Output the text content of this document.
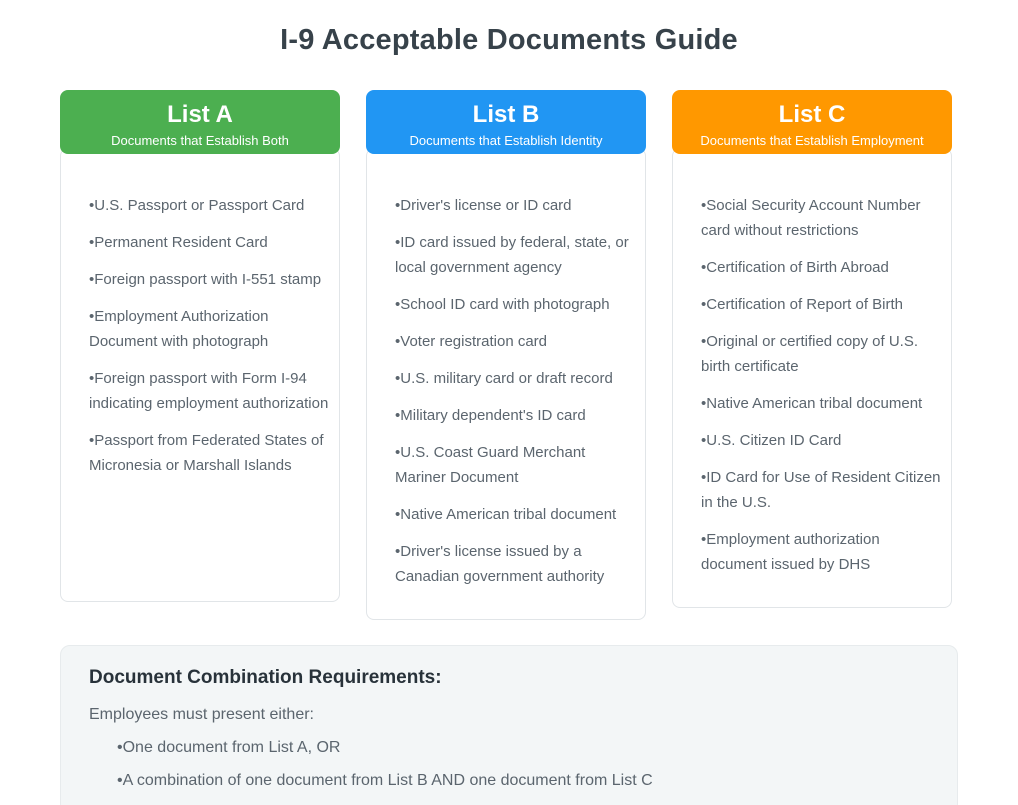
I-9 Acceptable Documents Guide
List A
Documents that Establish Both

• U.S. Passport or Passport Card

• Permanent Resident Card

• Foreign passport with I-551 stamp

• Employment Authorization Document with photograph

• Foreign passport with Form I-94 indicating employment authorization

• Passport from Federated States of Micronesia or Marshall Islands

List B
Documents that Establish Identity

• Driver's license or ID card

• ID card issued by federal, state, or local government agency

• School ID card with photograph

• Voter registration card

• U.S. military card or draft record

• Military dependent's ID card

• U.S. Coast Guard Merchant Mariner Document

• Native American tribal document

• Driver's license issued by a Canadian government authority

List C
Documents that Establish Employment

• Social Security Account Number card without restrictions

• Certification of Birth Abroad

• Certification of Report of Birth

• Original or certified copy of U.S. birth certificate

• Native American tribal document

• U.S. Citizen ID Card

• ID Card for Use of Resident Citizen in the U.S.

• Employment authorization document issued by DHS

Document Combination Requirements:

Employees must present either:

• One document from List A, OR

• A combination of one document from List B AND one document from List C
